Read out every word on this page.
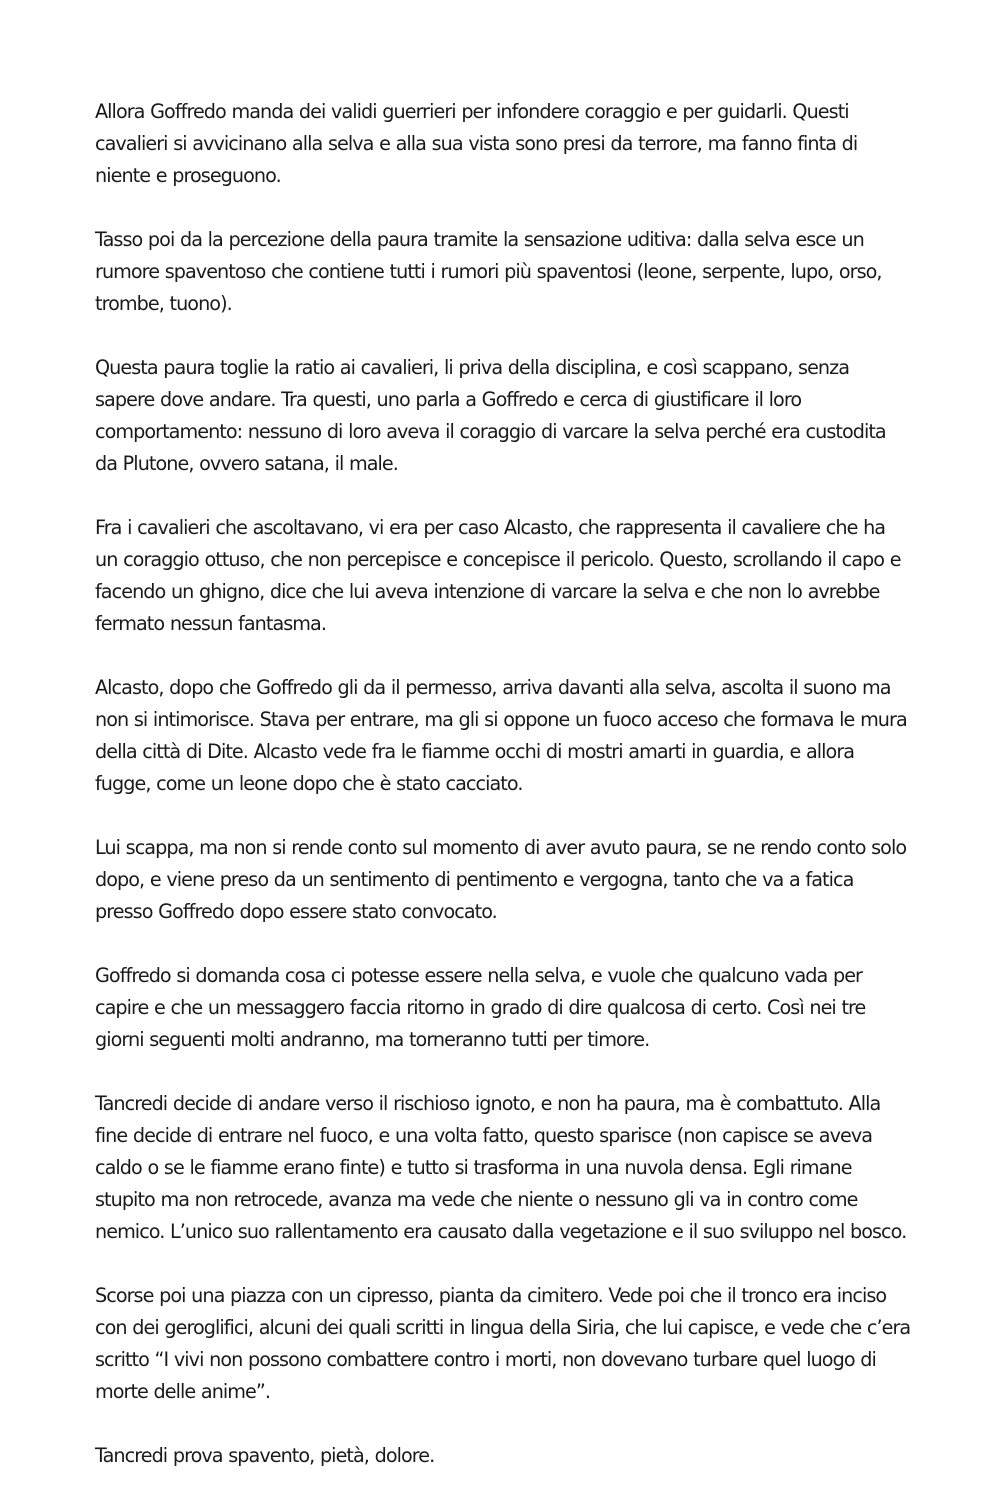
Allora Goffredo manda dei validi guerrieri per infondere coraggio e per guidarli. Questi cavalieri si avvicinano alla selva e alla sua vista sono presi da terrore, ma fanno finta di niente e proseguono.

Tasso poi da la percezione della paura tramite la sensazione uditiva: dalla selva esce un rumore spaventoso che contiene tutti i rumori più spaventosi (leone, serpente, lupo, orso, trombe, tuono).

Questa paura toglie la ratio ai cavalieri, li priva della disciplina, e così scappano, senza sapere dove andare. Tra questi, uno parla a Goffredo e cerca di giustificare il loro comportamento: nessuno di loro aveva il coraggio di varcare la selva perché era custodita da Plutone, ovvero satana, il male.

Fra i cavalieri che ascoltavano, vi era per caso Alcasto, che rappresenta il cavaliere che ha un coraggio ottuso, che non percepisce e concepisce il pericolo. Questo, scrollando il capo e facendo un ghigno, dice che lui aveva intenzione di varcare la selva e che non lo avrebbe fermato nessun fantasma.

Alcasto, dopo che Goffredo gli da il permesso, arriva davanti alla selva, ascolta il suono ma non si intimorisce. Stava per entrare, ma gli si oppone un fuoco acceso che formava le mura della città di Dite. Alcasto vede fra le fiamme occhi di mostri amarti in guardia, e allora fugge, come un leone dopo che è stato cacciato.

Lui scappa, ma non si rende conto sul momento di aver avuto paura, se ne rendo conto solo dopo, e viene preso da un sentimento di pentimento e vergogna, tanto che va a fatica presso Goffredo dopo essere stato convocato.

Goffredo si domanda cosa ci potesse essere nella selva, e vuole che qualcuno vada per capire e che un messaggero faccia ritorno in grado di dire qualcosa di certo. Così nei tre giorni seguenti molti andranno, ma torneranno tutti per timore.

Tancredi decide di andare verso il rischioso ignoto, e non ha paura, ma è combattuto. Alla fine decide di entrare nel fuoco, e una volta fatto, questo sparisce (non capisce se aveva caldo o se le fiamme erano finte) e tutto si trasforma in una nuvola densa. Egli rimane stupito ma non retrocede, avanza ma vede che niente o nessuno gli va in contro come nemico. L’unico suo rallentamento era causato dalla vegetazione e il suo sviluppo nel bosco.

Scorse poi una piazza con un cipresso, pianta da cimitero. Vede poi che il tronco era inciso con dei geroglifici, alcuni dei quali scritti in lingua della Siria, che lui capisce, e vede che c’era scritto “I vivi non possono combattere contro i morti, non dovevano turbare quel luogo di morte delle anime”.

Tancredi prova spavento, pietà, dolore.
